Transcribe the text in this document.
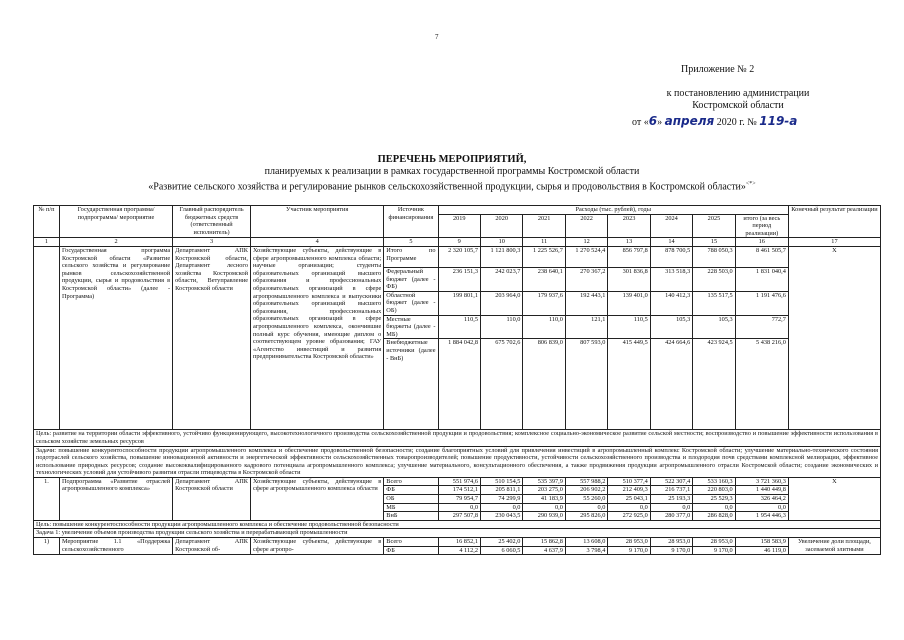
7
Приложение № 2
к постановлению администрации
Костромской области
от «6» апреля 2020 г. № 119-а
ПЕРЕЧЕНЬ МЕРОПРИЯТИЙ,
планируемых к реализации в рамках государственной программы Костромской области
«Развитие сельского хозяйства и регулирование рынков сельскохозяйственной продукции, сырья и продовольствия в Костромской области»<*>
№ п/п	Государственная программа/подпрограмма/ мероприятие	Главный распорядитель бюджетных средств (ответственный исполнитель)	Участник мероприятия	Источник финансирования	Расходы (тыс. рублей), годы								Конечный результат реализации
					2019	2020	2021	2022	2023	2024	2025	итого (за весь период реализации)	
1	2	3	4	5	9	10	11	12	13	14	15	16	17
	Государственная программа Костромской области «Развитие сельского хозяйства и регулирование рынков сельскохозяйственной продукции, сырья и продовольствия в Костромской области» (далее - Программа)	Департамент АПК Костромской области, Департамент лесного хозяйства Костромской области, Ветуправление Костромской области	Хозяйствующие субъекты, действующие в сфере агропромышленного комплекса области; научные организации; студенты образовательных организаций высшего образования и профессиональных образовательных организаций в сфере агропромышленного комплекса и выпускники образовательных организаций высшего образования, профессиональных образовательных организаций в сфере агропромышленного комплекса, окончившие полный курс обучения, имеющие диплом о соответствующем уровне образования; ГАУ «Агентство инвестиций и развития предпринимательства Костромской области»	Итого по Программе	2 320 105,7	1 121 800,3	1 225 526,7	1 270 524,4	856 797,8	878 700,5	788 050,3	8 461 505,7	Х
				Федеральный бюджет (далее - ФБ)	236 151,3	242 023,7	238 640,1	270 367,2	301 836,8	313 518,3	228 503,0	1 831 040,4	
				Областной бюджет (далее - ОБ)	199 801,1	203 964,0	179 937,6	192 443,1	139 401,0	140 412,3	135 517,5	1 191 476,6	
				Местные бюджеты (далее - МБ)	110,5	110,0	110,0	121,1	110,5	105,3	105,3	772,7	
				Внебюджетные источники (далее - ВнБ)	1 884 042,8	675 702,6	806 839,0	807 593,0	415 449,5	424 664,6	423 924,5	5 438 216,0	
Цель: развитие на территории области эффективного, устойчиво функционирующего, высокотехнологичного производства сельскохозяйственной продукции и продовольствия; комплексное социально-экономическое развитие сельской местности; воспроизводство и повышение эффективности использования в сельском хозяйстве земельных ресурсов													
Задачи: повышение конкурентоспособности продукции агропромышленного комплекса и обеспечение продовольственной безопасности; создание благоприятных условий для привлечения инвестиций в агропромышленный комплекс Костромской области; улучшение материально-технического состояния подотраслей сельского хозяйства, повышение инновационной активности и энергетической эффективности сельскохозяйственных товаропроизводителей; повышение продуктивности, устойчивости сельскохозяйственного производства и плодородия почв средствами комплексной мелиорации, эффективное использование природных ресурсов; создание высококвалифицированного кадрового потенциала агропромышленного комплекса; улучшение материального, консультационного обеспечения, а также продвижения продукции агропромышленного отрасли Костромской области; создание экономических и технологических условий для устойчивого развития отрасли птицеводства в Костромской области													
1.	Подпрограмма «Развитие отраслей агропромышленного комплекса»	Департамент АПК Костромской области	Хозяйствующие субъекты, действующие в сфере агропромышленного комплекса области	Всего	551 974,6	510 154,5	535 397,9	557 988,2	510 377,4	522 307,4	533 160,3	3 721 360,3	Х
				ФБ	174 512,1	205 811,1	203 275,0	206 902,2	212 409,3	216 737,1	220 803,0	1 440 449,8	
				ОБ	79 954,7	74 299,9	41 183,9	55 260,0	25 043,1	25 193,3	25 529,3	326 464,2	
				МБ	0,0	0,0	0,0	0,0	0,0	0,0	0,0	0,0	
				ВнБ	297 507,8	230 043,5	290 939,0	295 826,0	272 925,0	280 377,0	286 828,0	1 954 446,3	
Цель: повышение конкурентоспособности продукции агропромышленного комплекса и обеспечение продовольственной безопасности													
Задача 1: увеличение объемов производства продукции сельского хозяйства и перерабатывающей промышленности													
1)	Мероприятие 1.1 «Поддержка сельскохозяйственного	Департамент АПК Костромской об-	Хозяйствующие субъекты, действующие в сфере агропро-	Всего	16 852,1	25 402,0	15 862,8	13 608,0	28 953,0	28 953,0	28 953,0	158 583,9	Увеличение доли площади, засеваемой элитными
				ФБ	4 112,2	6 060,5	4 637,9	3 798,4	9 170,0	9 170,0	9 170,0	46 119,0	
